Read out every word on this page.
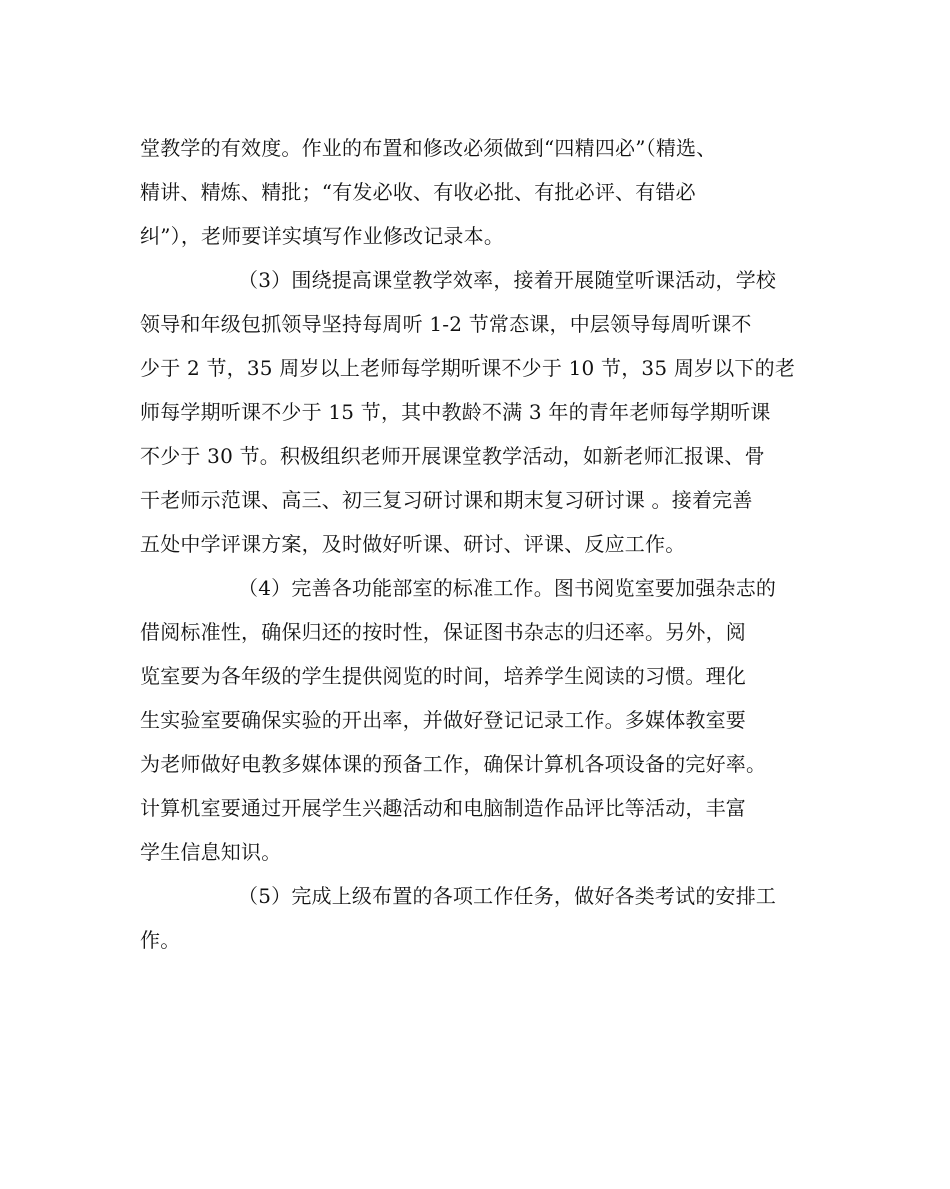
堂教学的有效度。作业的布置和修改必须做到“四精四必”（精选、
精讲、精炼、精批；“有发必收、有收必批、有批必评、有错必
纠”），老师要详实填写作业修改记录本。
（3）围绕提高课堂教学效率，接着开展随堂听课活动，学校
领导和年级包抓领导坚持每周听 1-2 节常态课，中层领导每周听课不
少于 2 节，35 周岁以上老师每学期听课不少于 10 节，35 周岁以下的老
师每学期听课不少于 15 节，其中教龄不满 3 年的青年老师每学期听课
不少于 30 节。积极组织老师开展课堂教学活动，如新老师汇报课、骨
干老师示范课、高三、初三复习研讨课和期末复习研讨课 。接着完善
五处中学评课方案，及时做好听课、研讨、评课、反应工作。
（4）完善各功能部室的标准工作。图书阅览室要加强杂志的
借阅标准性，确保归还的按时性，保证图书杂志的归还率。另外，阅
览室要为各年级的学生提供阅览的时间，培养学生阅读的习惯。理化
生实验室要确保实验的开出率，并做好登记记录工作。多媒体教室要
为老师做好电教多媒体课的预备工作，确保计算机各项设备的完好率。
计算机室要通过开展学生兴趣活动和电脑制造作品评比等活动，丰富
学生信息知识。
（5）完成上级布置的各项工作任务，做好各类考试的安排工
作。
